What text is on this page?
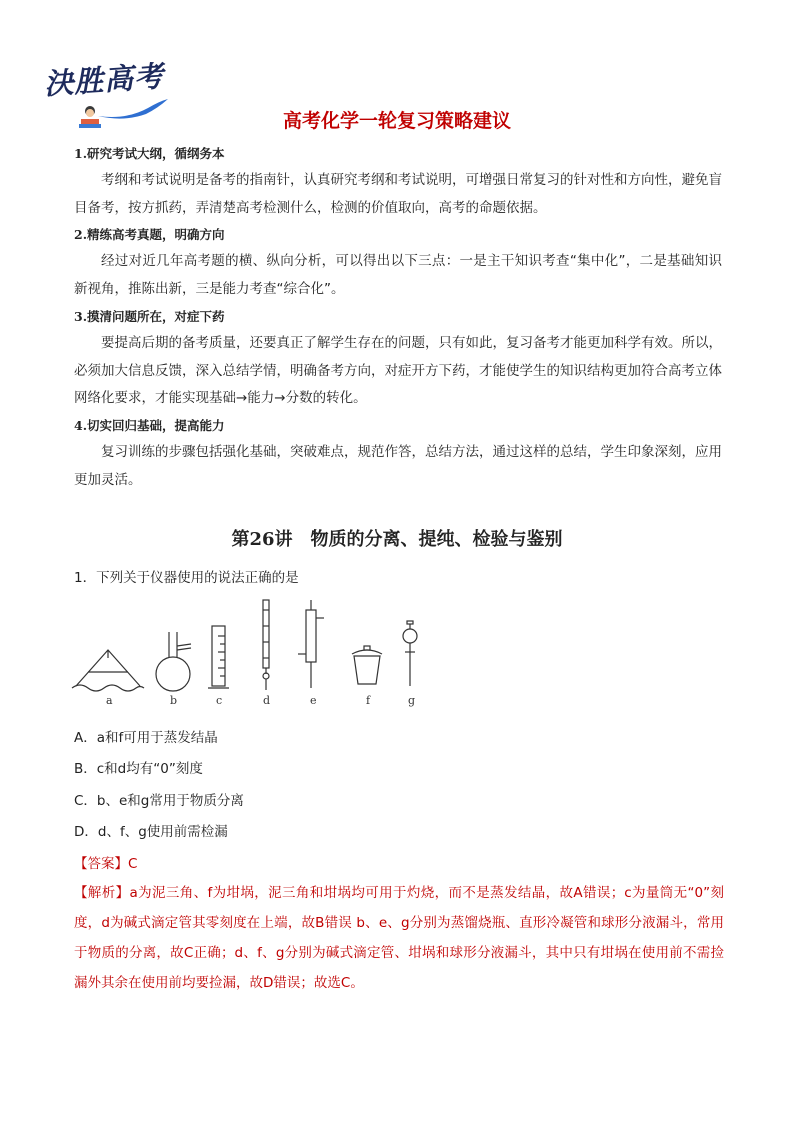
決胜高考
高考化学一轮复习策略建议
1.研究考试大纲，循纲务本

考纲和考试说明是备考的指南针，认真研究考纲和考试说明，可增强日常复习的针对性和方向性，避免盲目备考，按方抓药，弄清楚高考检测什么，检测的价值取向，高考的命题依据。

2.精练高考真题，明确方向

经过对近几年高考题的横、纵向分析，可以得出以下三点：一是主干知识考查“集中化”，二是基础知识新视角，推陈出新，三是能力考查“综合化”。

3.摸清问题所在，对症下药

要提高后期的备考质量，还要真正了解学生存在的问题，只有如此，复习备考才能更加科学有效。所以，必须加大信息反馈，深入总结学情，明确备考方向，对症开方下药，才能使学生的知识结构更加符合高考立体网络化要求，才能实现基础→能力→分数的转化。

4.切实回归基础，提高能力

复习训练的步骤包括强化基础，突破难点，规范作答，总结方法，通过这样的总结，学生印象深刻，应用更加灵活。

第26讲　物质的分离、提纯、检验与鉴别
1．下列关于仪器使用的说法正确的是
a	b	c	d	e	f	g
A．a和f可用于蒸发结晶
B．c和d均有“0”刻度
C．b、e和g常用于物质分离
D．d、f、g使用前需检漏
【答案】C

【解析】a为泥三角、f为坩埚，泥三角和坩埚均可用于灼烧，而不是蒸发结晶，故A错误；c为量筒无“0”刻度，d为碱式滴定管其零刻度在上端，故B错误 b、e、g分别为蒸馏烧瓶、直形冷凝管和球形分液漏斗，常用于物质的分离，故C正确；d、f、g分别为碱式滴定管、坩埚和球形分液漏斗，其中只有坩埚在使用前不需捡漏外其余在使用前均要捡漏，故D错误；故选C。
